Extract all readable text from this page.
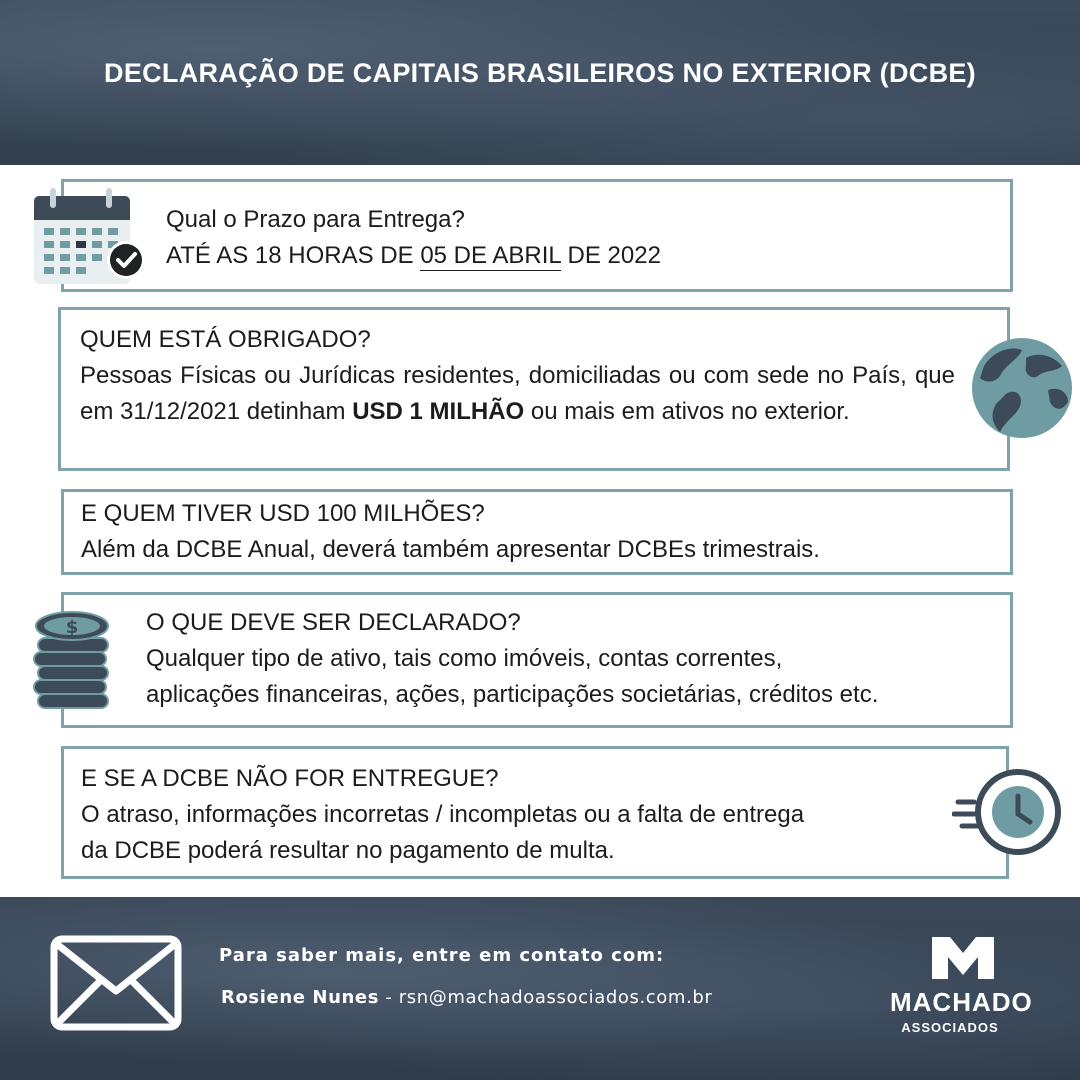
DECLARAÇÃO DE CAPITAIS BRASILEIROS NO EXTERIOR (DCBE)
Qual o Prazo para Entrega?
ATÉ AS 18 HORAS DE 05 DE ABRIL DE 2022
QUEM ESTÁ OBRIGADO?
Pessoas Físicas ou Jurídicas residentes, domiciliadas ou com sede no País, que em 31/12/2021 detinham USD 1 MILHÃO ou mais em ativos no exterior.
E QUEM TIVER USD 100 MILHÕES?
Além da DCBE Anual, deverá também apresentar DCBEs trimestrais.
O QUE DEVE SER DECLARADO?
Qualquer tipo de ativo, tais como imóveis, contas correntes,
aplicações financeiras, ações, participações societárias, créditos etc.
$
E SE A DCBE NÃO FOR ENTREGUE?
O atraso, informações incorretas / incompletas ou a falta de entrega
da DCBE poderá resultar no pagamento de multa.
Para saber mais, entre em contato com:
Rosiene Nunes - rsn@machadoassociados.com.br	MACHADO
ASSOCIADOS
